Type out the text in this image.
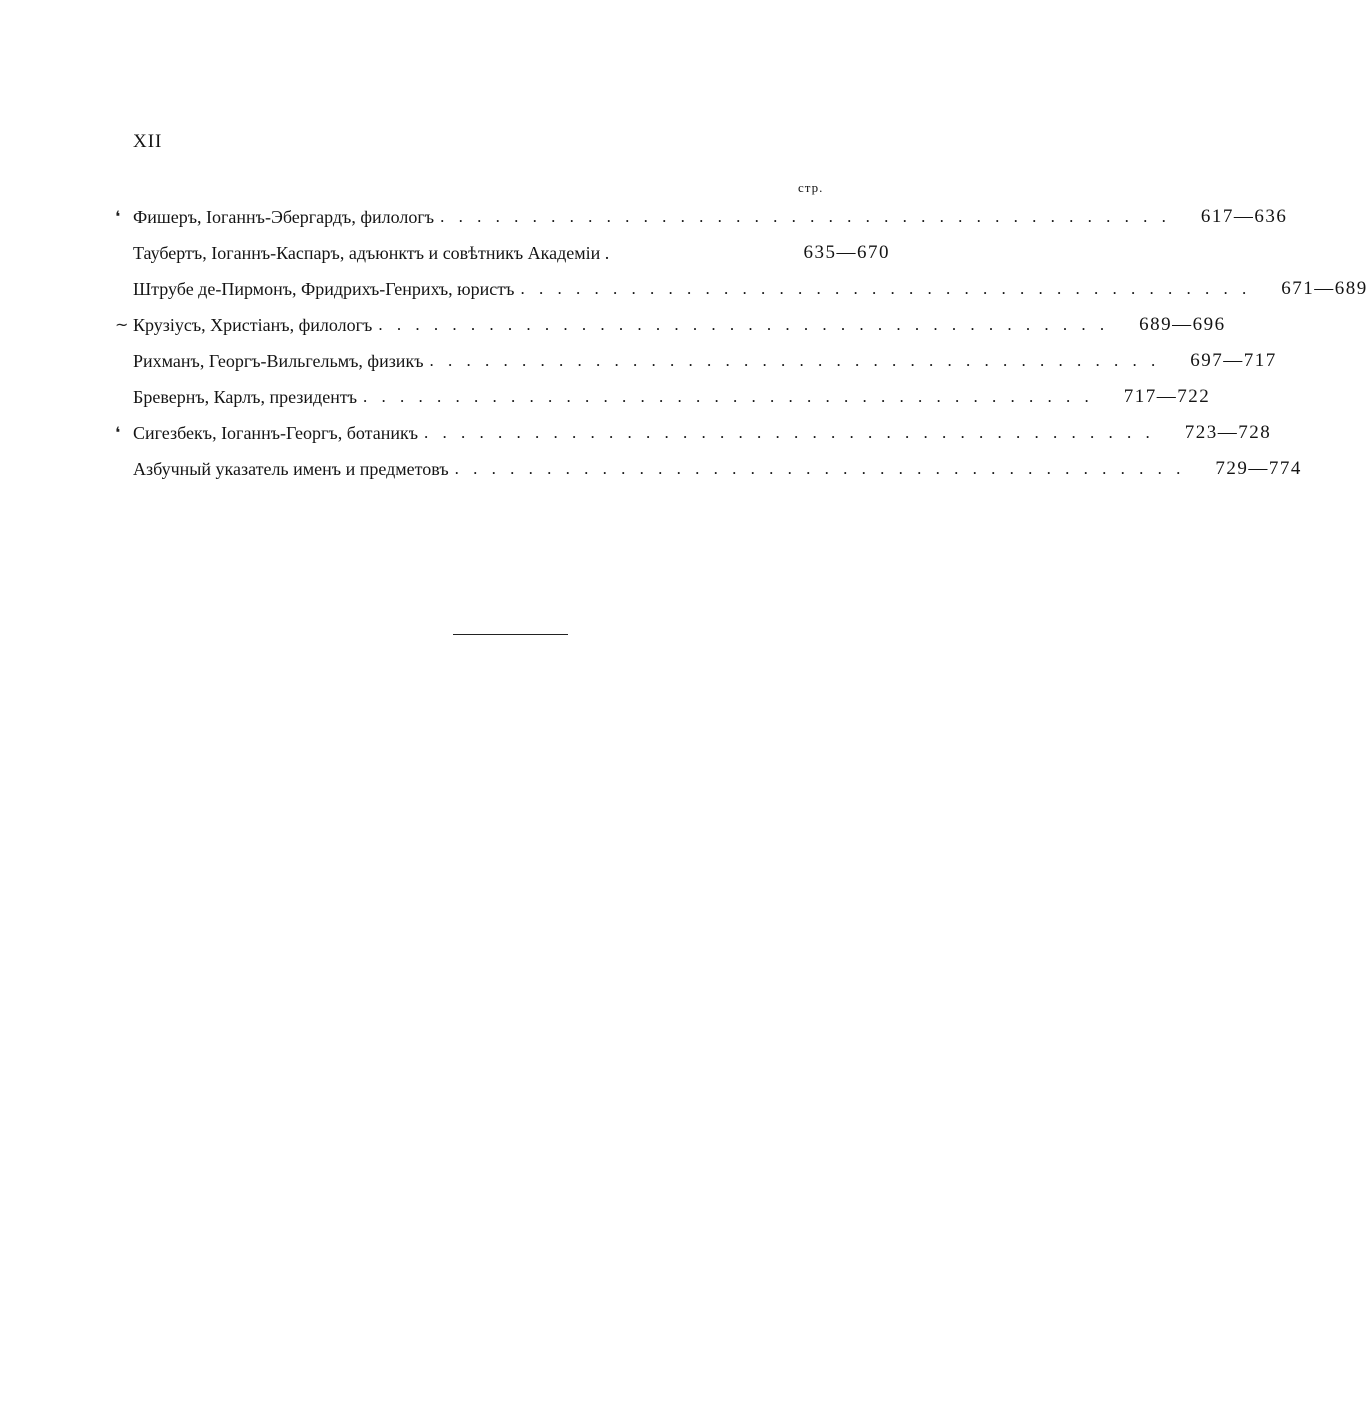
XII
стр.
❛ Фишеръ, Іоганнъ-Эбергардъ, филологъ . . . . . . . . . . . . . . . . . . . . . . . . . . . . . . . . . . . . . . . . 617—636
Таубертъ, Іоганнъ-Каспаръ, адъюнктъ и совѣтникъ Академіи .	635—670
Штрубе де-Пирмонъ, Фридрихъ-Генрихъ, юристъ . . . . . . . . . . . . . . . . . . . . . . . . . . . . . . . . . . . . . . . . 671—689
~ Крузіусъ, Христіанъ, филологъ . . . . . . . . . . . . . . . . . . . . . . . . . . . . . . . . . . . . . . . . 689—696
Рихманъ, Георгъ-Вильгельмъ, физикъ . . . . . . . . . . . . . . . . . . . . . . . . . . . . . . . . . . . . . . . . 697—717
Бревернъ, Карлъ, президентъ . . . . . . . . . . . . . . . . . . . . . . . . . . . . . . . . . . . . . . . . 717—722
❛ Сигезбекъ, Іоганнъ-Георгъ, ботаникъ . . . . . . . . . . . . . . . . . . . . . . . . . . . . . . . . . . . . . . . . 723—728
Азбучный указатель именъ и предметовъ . . . . . . . . . . . . . . . . . . . . . . . . . . . . . . . . . . . . . . . . 729—774
